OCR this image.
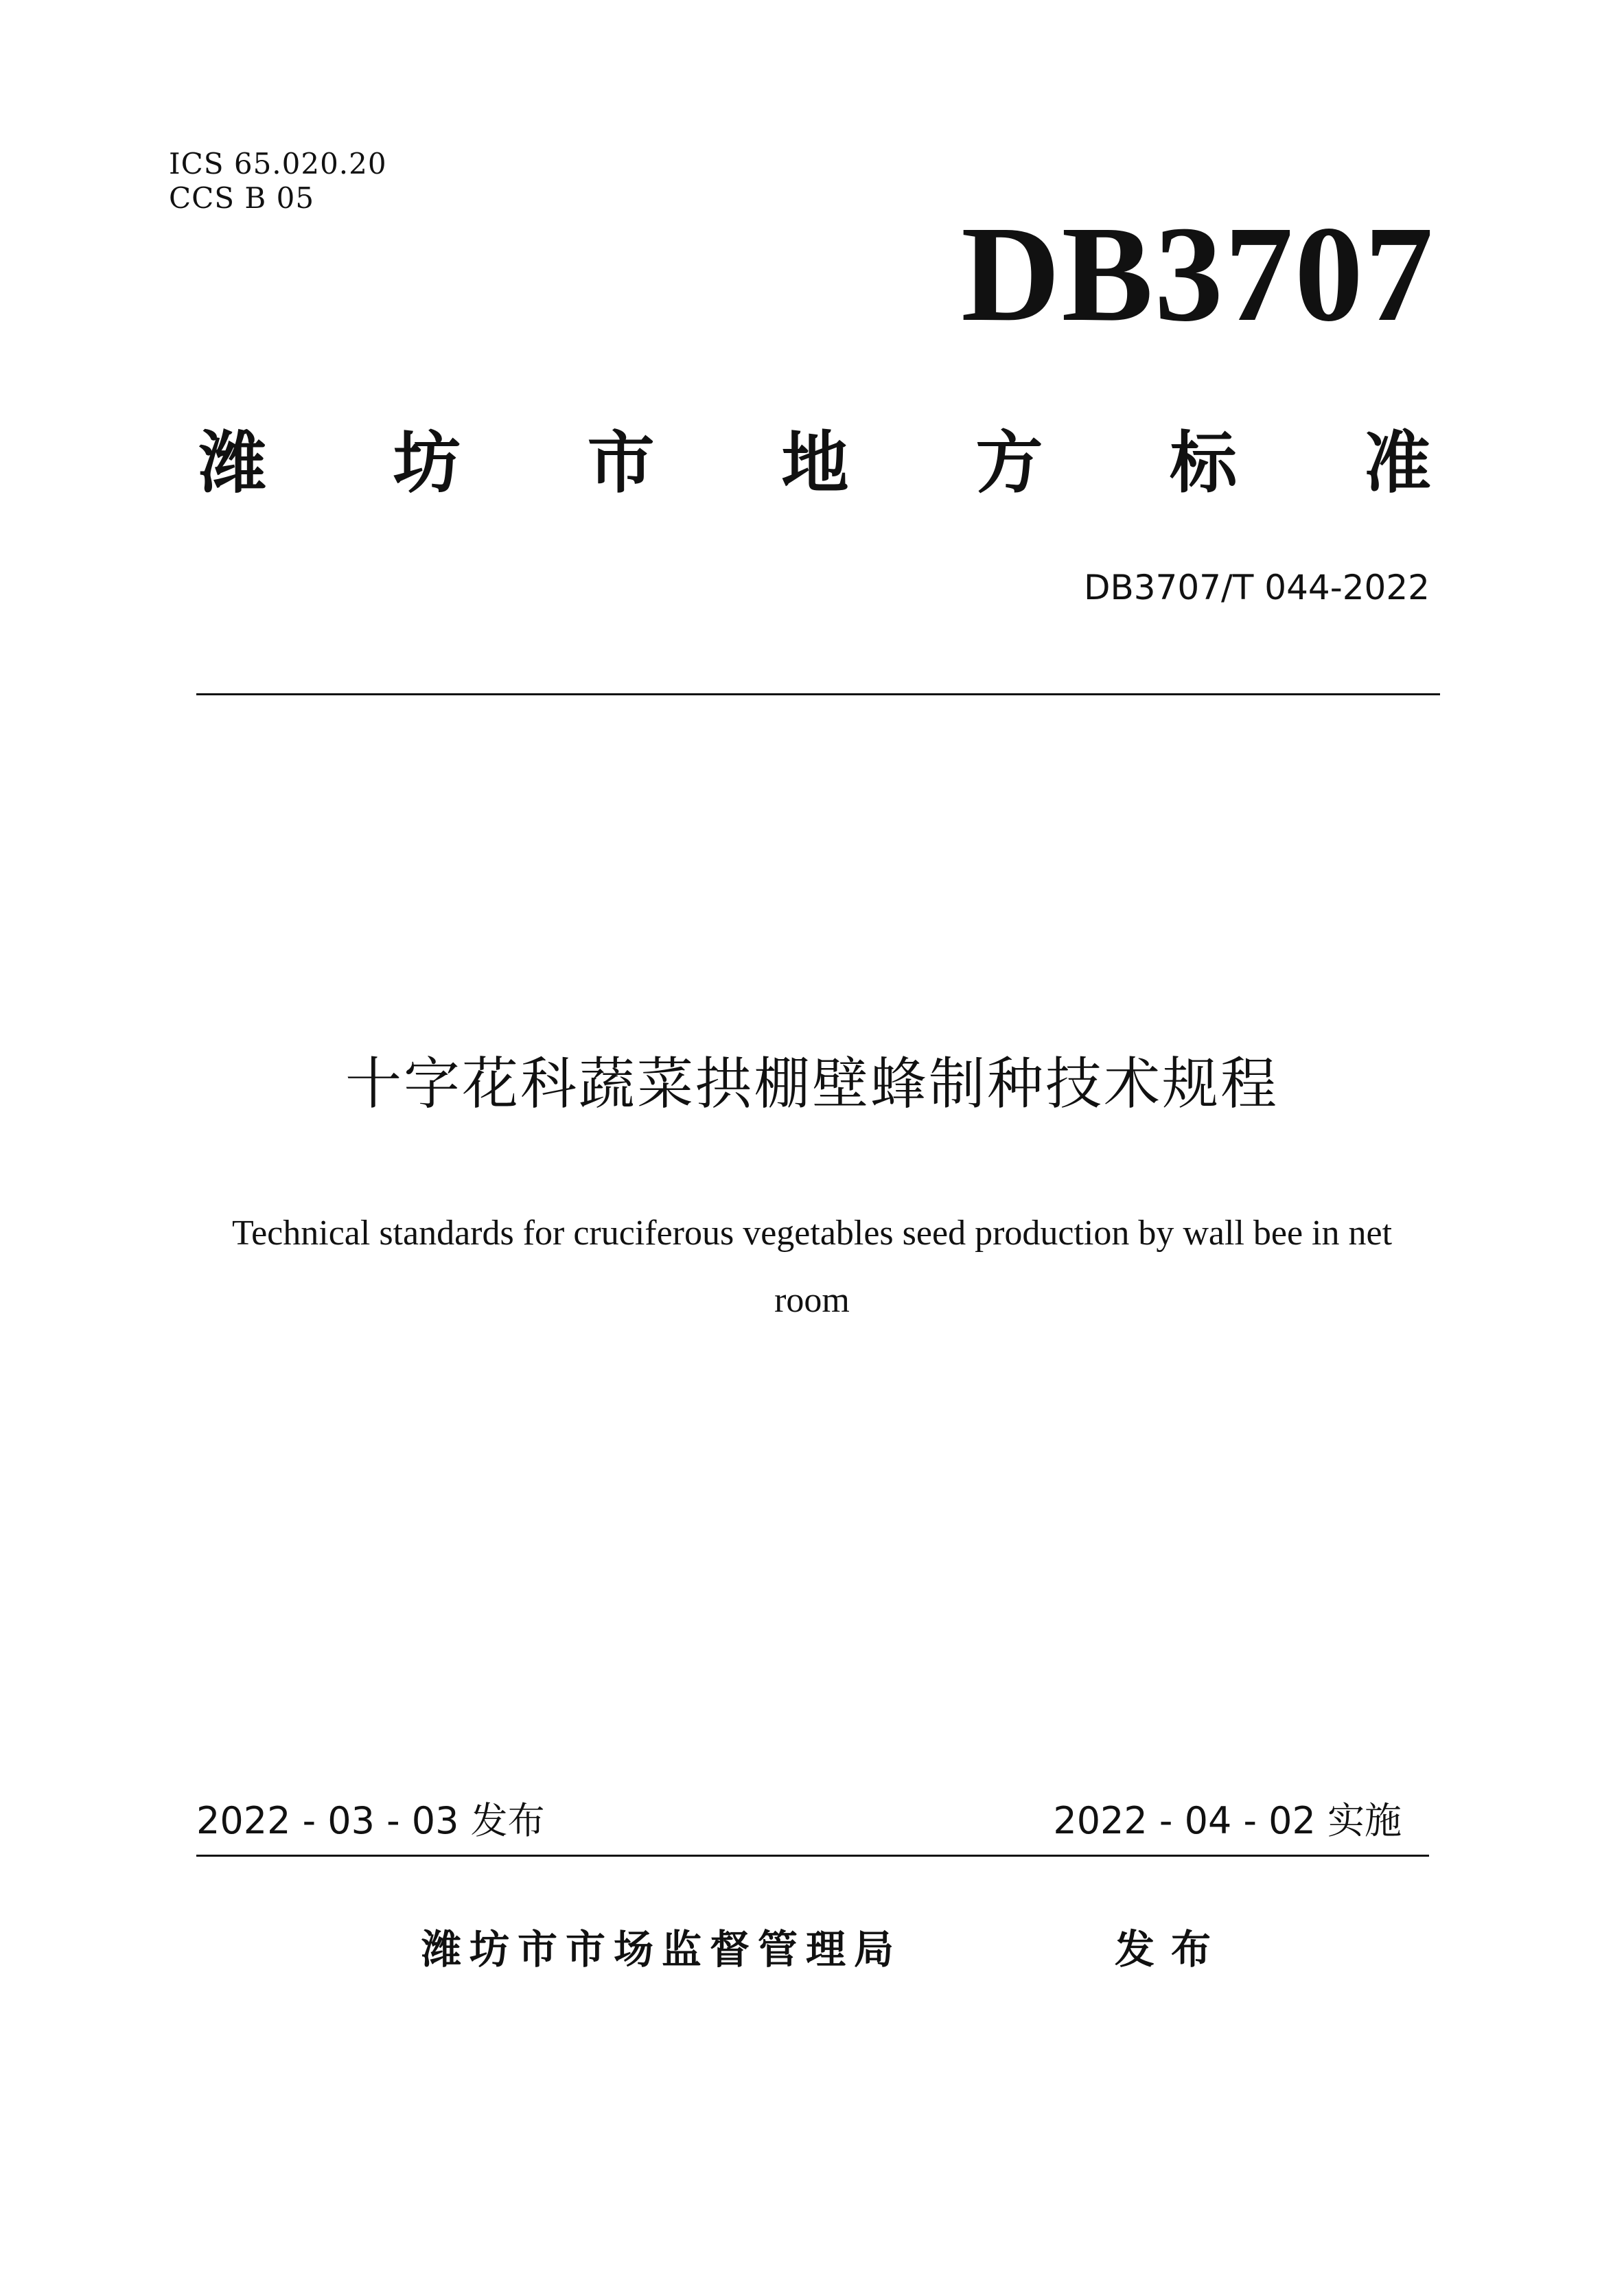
ICS 65.020.20
CCS B 05
DB3707
潍 坊 市 地 方 标 准
DB3707/T 044-2022
十字花科蔬菜拱棚壁蜂制种技术规程
Technical standards for cruciferous vegetables seed production by wall bee in net room
2022 - 03 - 03 发布	2022 - 04 - 02 实施
潍坊市市场监督管理局	发布
